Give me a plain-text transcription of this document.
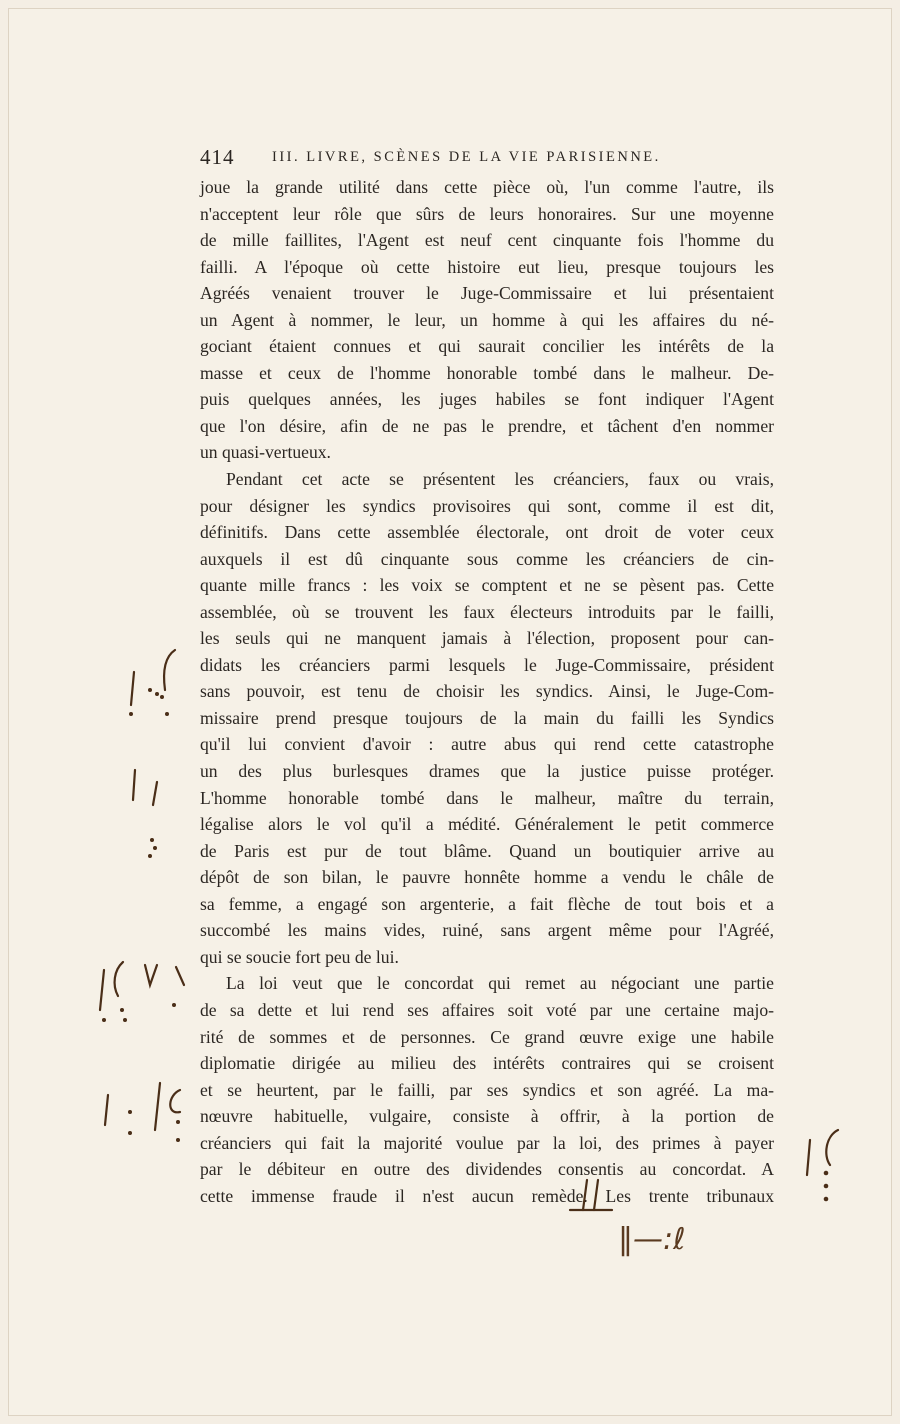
414	III. LIVRE, SCÈNES DE LA VIE PARISIENNE.
joue la grande utilité dans cette pièce où, l'un comme l'autre, ils
n'acceptent leur rôle que sûrs de leurs honoraires. Sur une moyenne
de mille faillites, l'Agent est neuf cent cinquante fois l'homme du
failli. A l'époque où cette histoire eut lieu, presque toujours les
Agréés venaient trouver le Juge-Commissaire et lui présentaient
un Agent à nommer, le leur, un homme à qui les affaires du né-
gociant étaient connues et qui saurait concilier les intérêts de la
masse et ceux de l'homme honorable tombé dans le malheur. De-
puis quelques années, les juges habiles se font indiquer l'Agent
que l'on désire, afin de ne pas le prendre, et tâchent d'en nommer
un quasi-vertueux.
Pendant cet acte se présentent les créanciers, faux ou vrais,
pour désigner les syndics provisoires qui sont, comme il est dit,
définitifs. Dans cette assemblée électorale, ont droit de voter ceux
auxquels il est dû cinquante sous comme les créanciers de cin-
quante mille francs : les voix se comptent et ne se pèsent pas. Cette
assemblée, où se trouvent les faux électeurs introduits par le failli,
les seuls qui ne manquent jamais à l'élection, proposent pour can-
didats les créanciers parmi lesquels le Juge-Commissaire, président
sans pouvoir, est tenu de choisir les syndics. Ainsi, le Juge-Com-
missaire prend presque toujours de la main du failli les Syndics
qu'il lui convient d'avoir : autre abus qui rend cette catastrophe
un des plus burlesques drames que la justice puisse protéger.
L'homme honorable tombé dans le malheur, maître du terrain,
légalise alors le vol qu'il a médité. Généralement le petit commerce
de Paris est pur de tout blâme. Quand un boutiquier arrive au
dépôt de son bilan, le pauvre honnête homme a vendu le châle de
sa femme, a engagé son argenterie, a fait flèche de tout bois et a
succombé les mains vides, ruiné, sans argent même pour l'Agréé,
qui se soucie fort peu de lui.
La loi veut que le concordat qui remet au négociant une partie
de sa dette et lui rend ses affaires soit voté par une certaine majo-
rité de sommes et de personnes. Ce grand œuvre exige une habile
diplomatie dirigée au milieu des intérêts contraires qui se croisent
et se heurtent, par le failli, par ses syndics et son agréé. La ma-
nœuvre habituelle, vulgaire, consiste à offrir, à la portion de
créanciers qui fait la majorité voulue par la loi, des primes à payer
par le débiteur en outre des dividendes consentis au concordat. A
cette immense fraude il n'est aucun remède. Les trente tribunaux
‖—:ℓ
